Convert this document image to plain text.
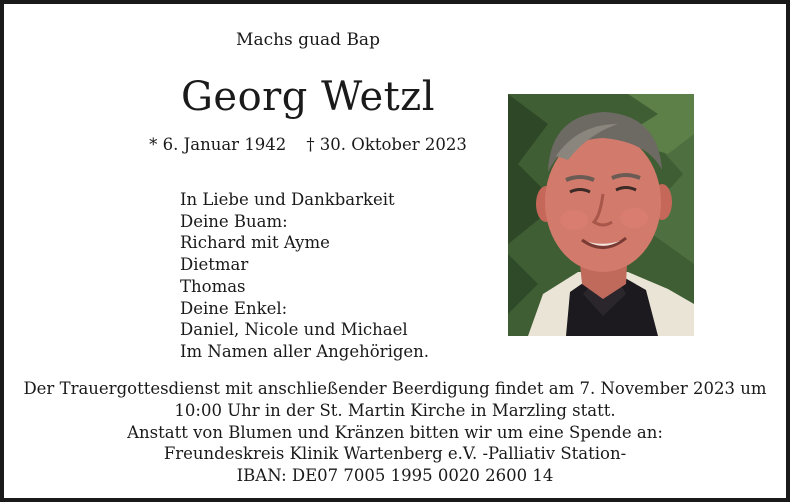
Machs guad Bap
Georg Wetzl
* 6. Januar 1942 † 30. Oktober 2023
In Liebe und Dankbarkeit
Deine Buam:
Richard mit Ayme
Dietmar
Thomas
Deine Enkel:
Daniel, Nicole und Michael
Im Namen aller Angehörigen.
Der Trauergottesdienst mit anschließender Beerdigung findet am 7. November 2023 um
10:00 Uhr in der St. Martin Kirche in Marzling statt.
Anstatt von Blumen und Kränzen bitten wir um eine Spende an:
Freundeskreis Klinik Wartenberg e.V. -Palliativ Station-
IBAN: DE07 7005 1995 0020 2600 14
